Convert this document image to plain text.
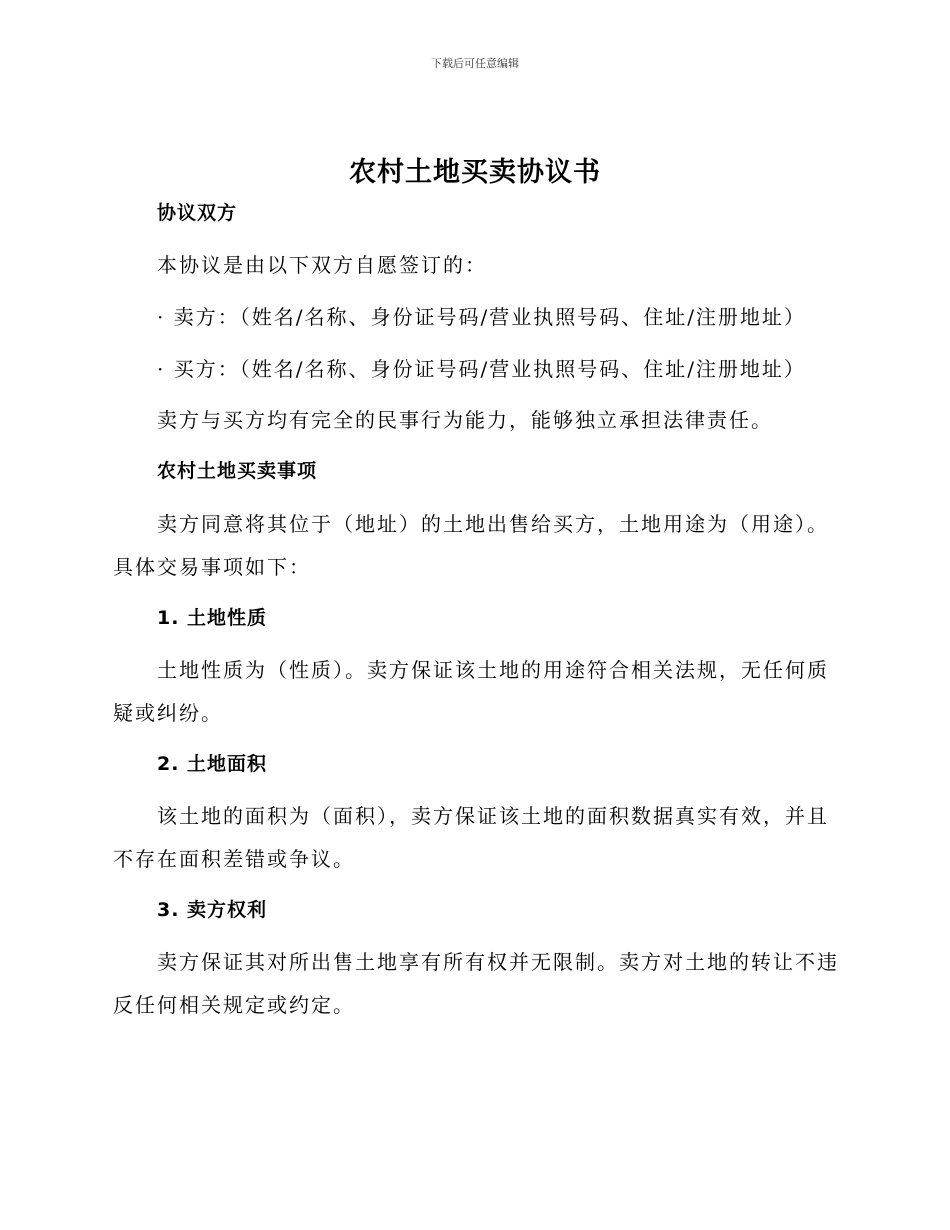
下载后可任意编辑
农村土地买卖协议书
协议双方
本协议是由以下双方自愿签订的：
· 卖方：（姓名/名称、身份证号码/营业执照号码、住址/注册地址）
· 买方：（姓名/名称、身份证号码/营业执照号码、住址/注册地址）
卖方与买方均有完全的民事行为能力，能够独立承担法律责任。
农村土地买卖事项
卖方同意将其位于（地址）的土地出售给买方，土地用途为（用途）。
具体交易事项如下：
1. 土地性质
土地性质为（性质）。卖方保证该土地的用途符合相关法规，无任何质
疑或纠纷。
2. 土地面积
该土地的面积为（面积），卖方保证该土地的面积数据真实有效，并且
不存在面积差错或争议。
3. 卖方权利
卖方保证其对所出售土地享有所有权并无限制。卖方对土地的转让不违
反任何相关规定或约定。
